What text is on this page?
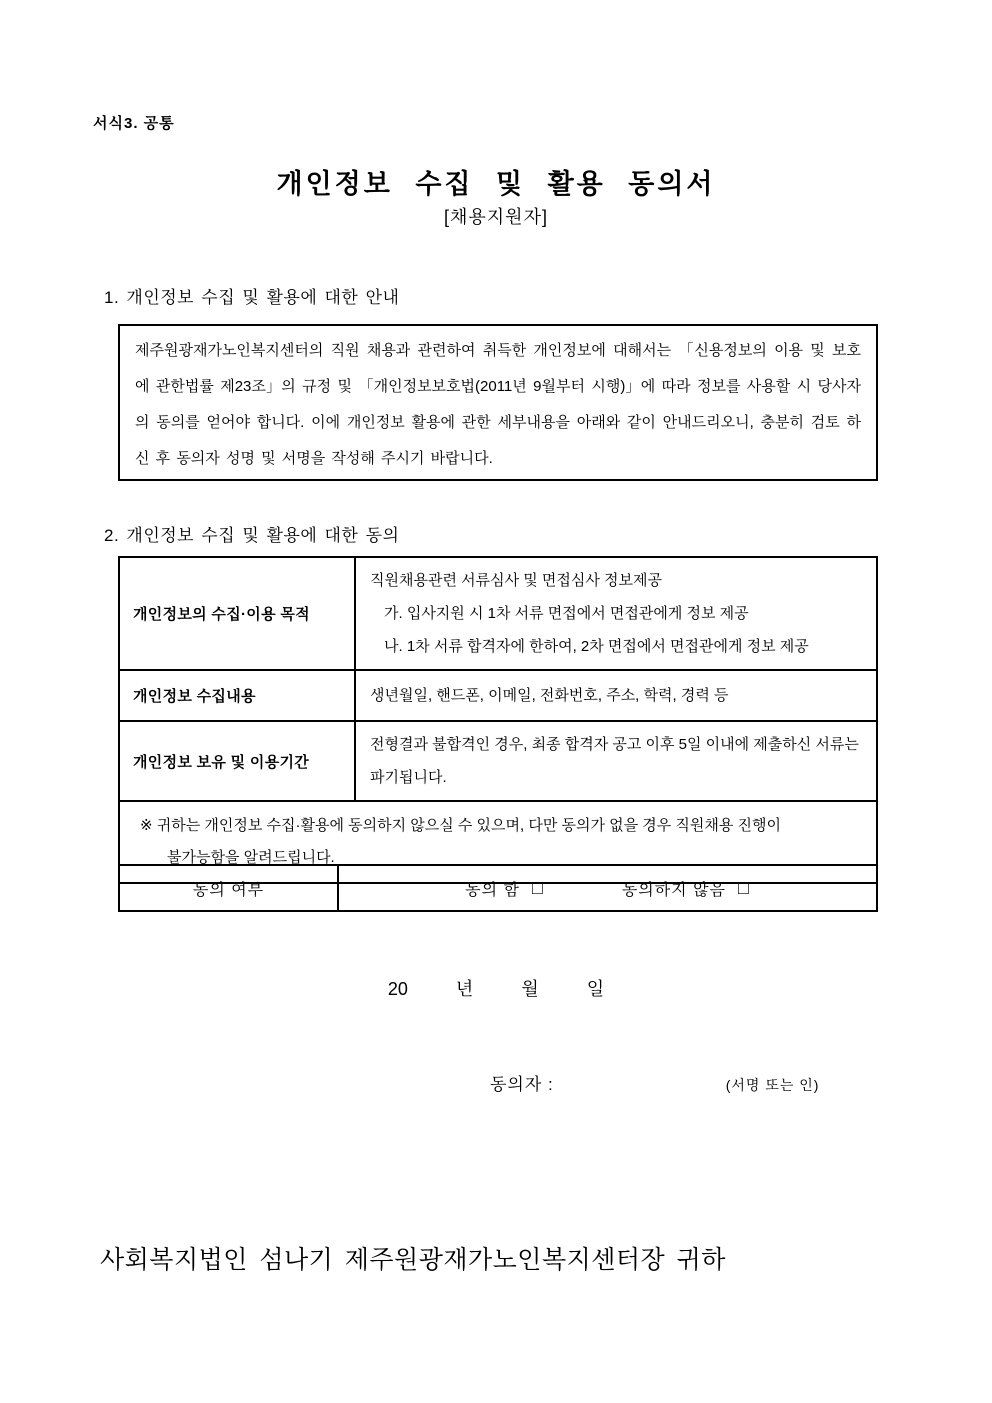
서식3. 공통
개인정보 수집 및 활용 동의서
[채용지원자]
1. 개인정보 수집 및 활용에 대한 안내
제주원광재가노인복지센터의 직원 채용과 관련하여 취득한 개인정보에 대해서는 「신용정보의 이용 및 보호에 관한법률 제23조」의 규정 및 「개인정보보호법(2011년 9월부터 시행)」에 따라 정보를 사용할 시 당사자의 동의를 얻어야 합니다. 이에 개인정보 활용에 관한 세부내용을 아래와 같이 안내드리오니, 충분히 검토 하신 후 동의자 성명 및 서명을 작성해 주시기 바랍니다.
2. 개인정보 수집 및 활용에 대한 동의
개인정보의 수집·이용 목적	직원채용관련 서류심사 및 면접심사 정보제공
가. 입사지원 시 1차 서류 면접에서 면접관에게 정보 제공
나. 1차 서류 합격자에 한하여, 2차 면접에서 면접관에게 정보 제공

개인정보 수집내용	생년월일, 핸드폰, 이메일, 전화번호, 주소, 학력, 경력 등

개인정보 보유 및 이용기간	전형결과 불합격인 경우, 최종 합격자 공고 이후 5일 이내에 제출하신 서류는 파기됩니다.

※ 귀하는 개인정보 수집·활용에 동의하지 않으실 수 있으며, 다만 동의가 없을 경우 직원채용 진행이
불가능함을 알려드립니다.	
동의 여부	동의 함 □	동의하지 않음 □
20	년	월	일
동의자 :	(서명 또는 인)
사회복지법인 섬나기 제주원광재가노인복지센터장 귀하
